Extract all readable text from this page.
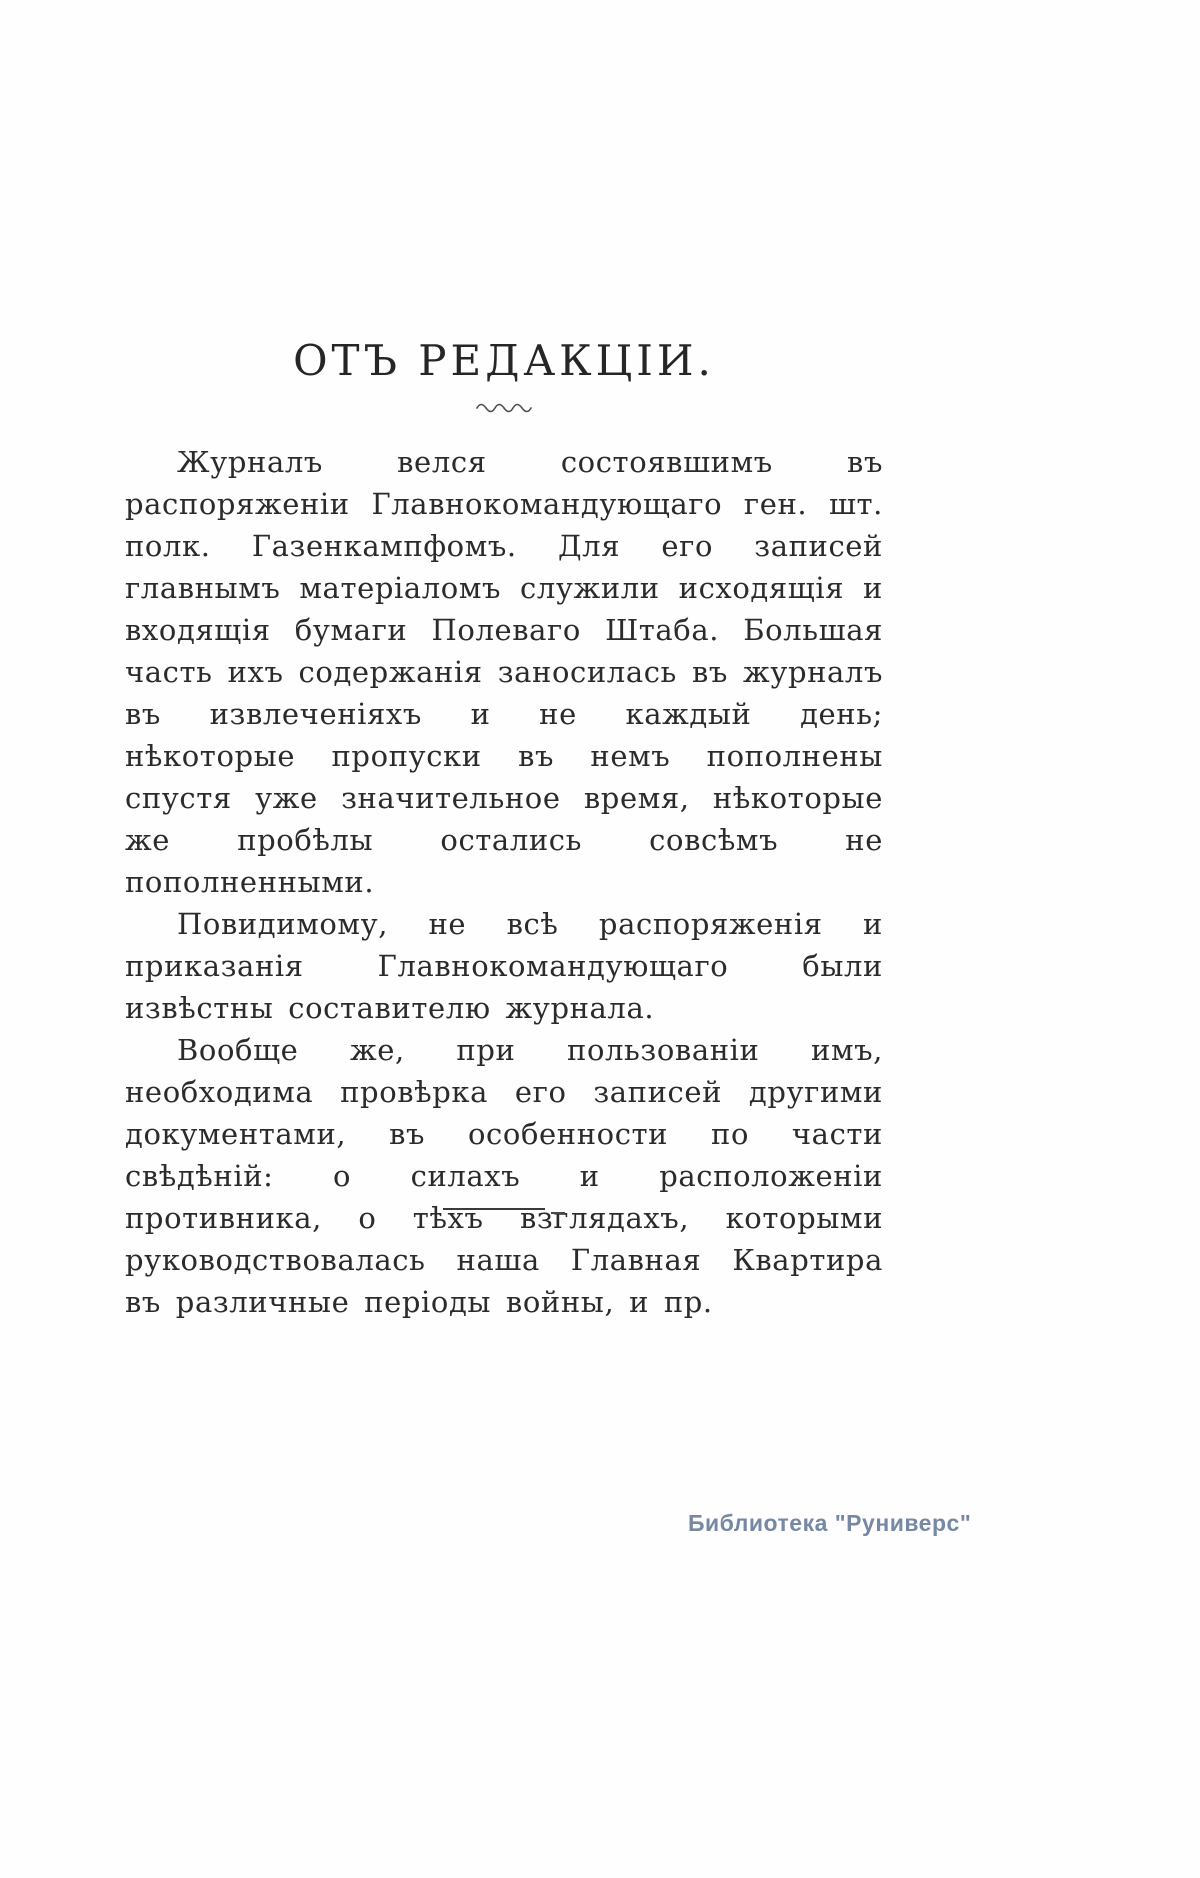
ОТЪ РЕДАКЦІИ.

Журналъ велся состоявшимъ въ распоряженіи Главнокомандующаго ген. шт. полк. Газенкампфомъ. Для его записей главнымъ матеріаломъ служили исходящія и входящія бумаги Полеваго Штаба. Большая часть ихъ содержанія заносилась въ журналъ въ извлеченіяхъ и не каждый день; нѣкоторые пропуски въ немъ пополнены спустя уже значительное время, нѣкоторые же пробѣлы остались совсѣмъ не пополненными.

Повидимому, не всѣ распоряженія и приказанія Главнокомандующаго были извѣстны составителю журнала.

Вообще же, при пользованіи имъ, необходима провѣрка его записей другими документами, въ особенности по части свѣдѣній: о силахъ и расположеніи противника, о тѣхъ взглядахъ, которыми руководствовалась наша Главная Квартира въ различные періоды войны, и пр.

Библиотека "Руниверс"
